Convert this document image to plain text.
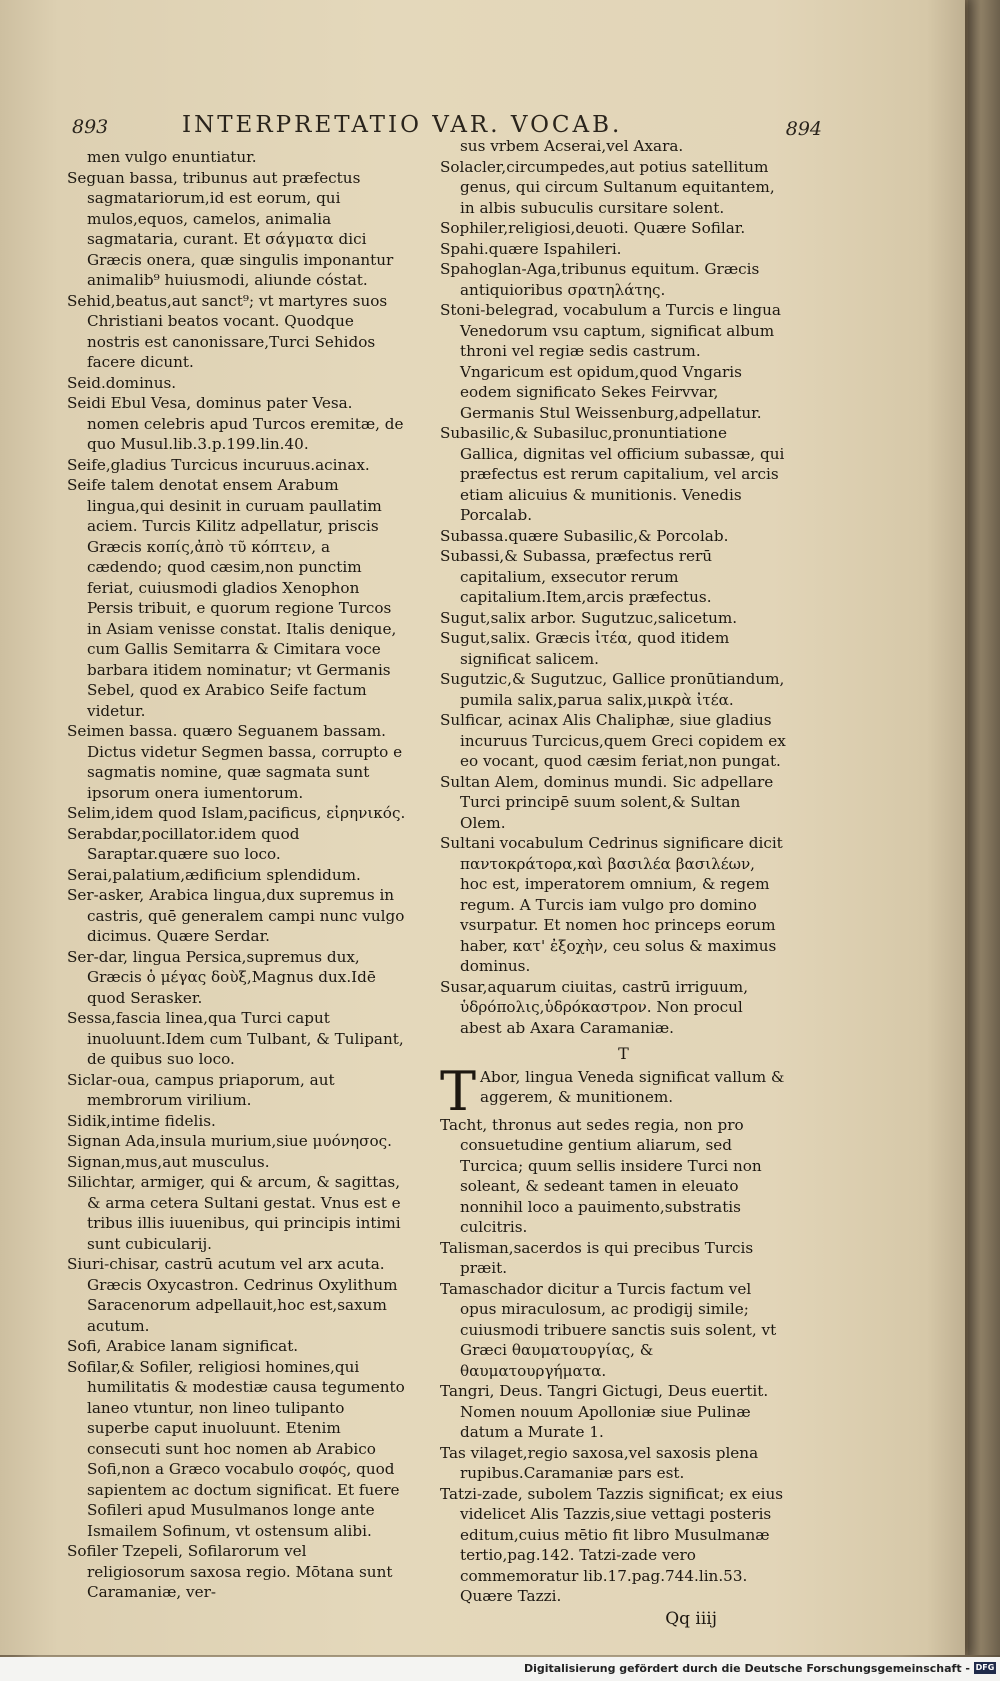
893	INTERPRETATIO VAR. VOCAB.	894

men vulgo enuntiatur.

Seguan bassa, tribunus aut præfectus sagmatariorum,id est eorum, qui mulos,equos, camelos, animalia sagmataria, curant. Et σάγματα dici Græcis onera, quæ singulis imponantur animalib⁹ huiusmodi, aliunde cóstat.

Sehid,beatus,aut sanct⁹; vt martyres suos Christiani beatos vocant. Quodque nostris est canonissare,Turci Sehidos facere dicunt.

Seid.dominus.

Seidi Ebul Vesa, dominus pater Vesa. nomen celebris apud Turcos eremitæ, de quo Musul.lib.3.p.199.lin.40.

Seife,gladius Turcicus incuruus.acinax.

Seife talem denotat ensem Arabum lingua,qui desinit in curuam paullatim aciem. Turcis Kilitz adpellatur, priscis Græcis κοπίς,ἀπὸ τῦ κόπτειν, a cædendo; quod cæsim,non punctim feriat, cuiusmodi gladios Xenophon Persis tribuit, e quorum regione Turcos in Asiam venisse constat. Italis denique, cum Gallis Semitarra & Cimitara voce barbara itidem nominatur; vt Germanis Sebel, quod ex Arabico Seife factum videtur.

Seimen bassa. quæro Seguanem bassam. Dictus videtur Segmen bassa, corrupto e sagmatis nomine, quæ sagmata sunt ipsorum onera iumentorum.

Selim,idem quod Islam,pacificus, εἰρηνικός.

Serabdar,pocillator.idem quod Saraptar.quære suo loco.

Serai,palatium,ædificium splendidum.

Ser-asker, Arabica lingua,dux supremus in castris, quē generalem campi nunc vulgo dicimus. Quære Serdar.

Ser-dar, lingua Persica,supremus dux, Græcis ὁ μέγας δοὺξ,Magnus dux.Idē quod Serasker.

Sessa,fascia linea,qua Turci caput inuoluunt.Idem cum Tulbant, & Tulipant, de quibus suo loco.

Siclar-oua, campus priaporum, aut membrorum virilium.

Sidik,intime fidelis.

Signan Ada,insula murium,siue μυόνησος.

Signan,mus,aut musculus.

Silichtar, armiger, qui & arcum, & sagittas, & arma cetera Sultani gestat. Vnus est e tribus illis iuuenibus, qui principis intimi sunt cubicularij.

Siuri-chisar, castrū acutum vel arx acuta. Græcis Oxycastron. Cedrinus Oxylithum Saracenorum adpellauit,hoc est,saxum acutum.

Sofi, Arabice lanam significat.

Sofilar,& Sofiler, religiosi homines,qui humilitatis & modestiæ causa tegumento laneo vtuntur, non lineo tulipanto superbe caput inuoluunt. Etenim consecuti sunt hoc nomen ab Arabico Sofi,non a Græco vocabulo σοφός, quod sapientem ac doctum significat. Et fuere Sofileri apud Musulmanos longe ante Ismailem Sofinum, vt ostensum alibi.

Sofiler Tzepeli, Sofilarorum vel religiosorum saxosa regio. Mōtana sunt Caramaniæ, ver-

sus vrbem Acserai,vel Axara.

Solacler,circumpedes,aut potius satellitum genus, qui circum Sultanum equitantem, in albis subuculis cursitare solent.

Sophiler,religiosi,deuoti. Quære Sofilar.

Spahi.quære Ispahileri.

Spahoglan-Aga,tribunus equitum. Græcis antiquioribus σρατηλάτης.

Stoni-belegrad, vocabulum a Turcis e lingua Venedorum vsu captum, significat album throni vel regiæ sedis castrum. Vngaricum est opidum,quod Vngaris eodem significato Sekes Feirvvar, Germanis Stul Weissenburg,adpellatur.

Subasilic,& Subasiluc,pronuntiatione Gallica, dignitas vel officium subassæ, qui præfectus est rerum capitalium, vel arcis etiam alicuius & munitionis. Venedis Porcalab.

Subassa.quære Subasilic,& Porcolab.

Subassi,& Subassa, præfectus rerū capitalium, exsecutor rerum capitalium.Item,arcis præfectus.

Sugut,salix arbor. Sugutzuc,salicetum.

Sugut,salix. Græcis ἰτέα, quod itidem significat salicem.

Sugutzic,& Sugutzuc, Gallice pronūtiandum, pumila salix,parua salix,μικρὰ ἰτέα.

Sulficar, acinax Alis Chaliphæ, siue gladius incuruus Turcicus,quem Greci copidem ex eo vocant, quod cæsim feriat,non pungat.

Sultan Alem, dominus mundi. Sic adpellare Turci principē suum solent,& Sultan Olem.

Sultani vocabulum Cedrinus significare dicit παντοκράτορα,καὶ βασιλέα βασιλέων, hoc est, imperatorem omnium, & regem regum. A Turcis iam vulgo pro domino vsurpatur. Et nomen hoc princeps eorum haber, κατ' ἐξοχὴν, ceu solus & maximus dominus.

Susar,aquarum ciuitas, castrū irriguum, ὑδρόπολις,ὑδρόκαστρον. Non procul abest ab Axara Caramaniæ.

T

T Abor, lingua Veneda significat vallum & aggerem, & munitionem.

Tacht, thronus aut sedes regia, non pro consuetudine gentium aliarum, sed Turcica; quum sellis insidere Turci non soleant, & sedeant tamen in eleuato nonnihil loco a pauimento,substratis culcitris.

Talisman,sacerdos is qui precibus Turcis præit.

Tamaschador dicitur a Turcis factum vel opus miraculosum, ac prodigij simile; cuiusmodi tribuere sanctis suis solent, vt Græci θαυματουργίας, & θαυματουργήματα.

Tangri, Deus. Tangri Gictugi, Deus euertit. Nomen nouum Apolloniæ siue Pulinæ datum a Murate 1.

Tas vilaget,regio saxosa,vel saxosis plena rupibus.Caramaniæ pars est.

Tatzi-zade, subolem Tazzis significat; ex eius videlicet Alis Tazzis,siue vettagi posteris editum,cuius mētio fit libro Musulmanæ tertio,pag.142. Tatzi-zade vero commemoratur lib.17.pag.744.lin.53. Quære Tazzi.

Qq iiij
Digitalisierung gefördert durch die Deutsche Forschungsgemeinschaft - DFG
